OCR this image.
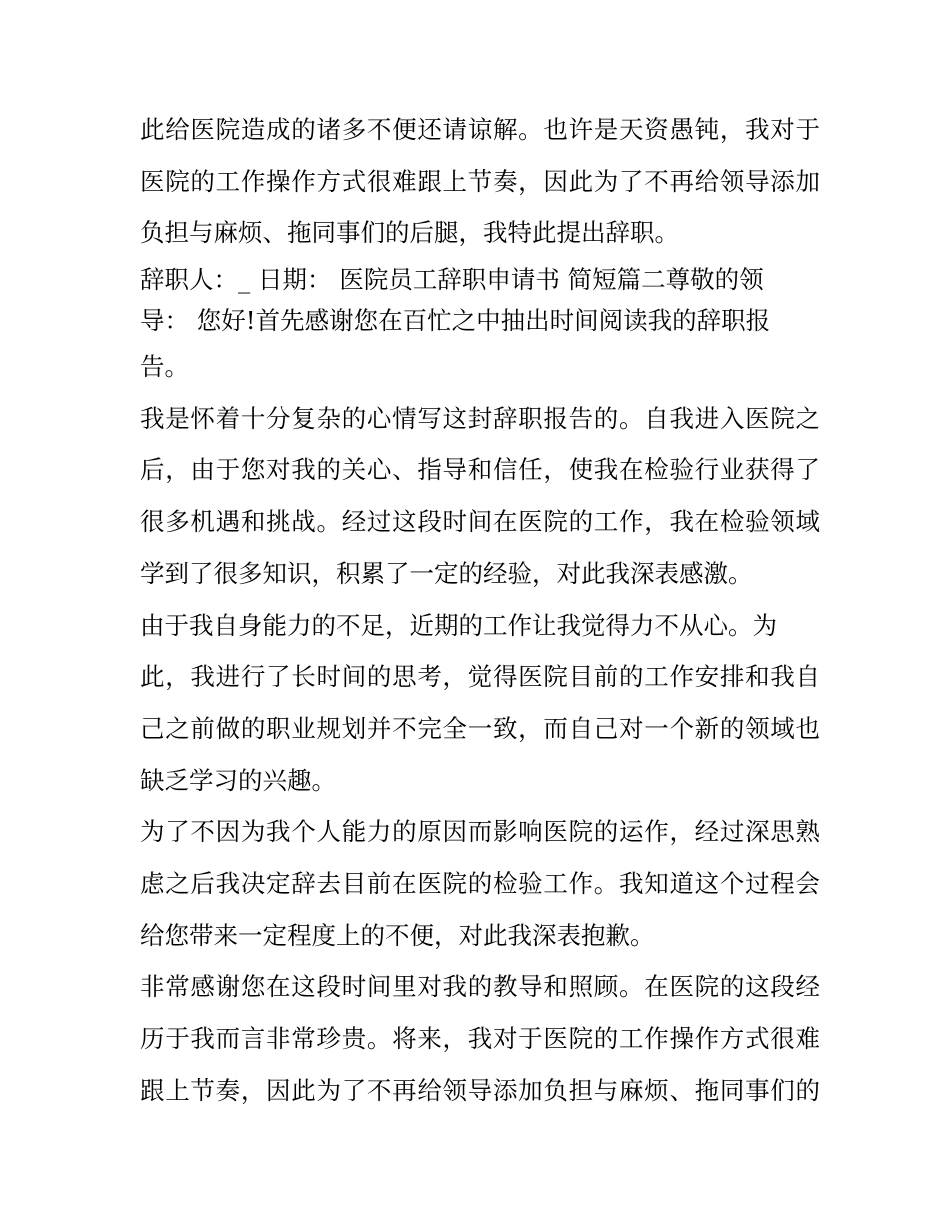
此给医院造成的诸多不便还请谅解。也许是天资愚钝，我对于
医院的工作操作方式很难跟上节奏，因此为了不再给领导添加
负担与麻烦、拖同事们的后腿，我特此提出辞职。
辞职人：_ 日期： 医院员工辞职申请书 简短篇二尊敬的领
导： 您好!首先感谢您在百忙之中抽出时间阅读我的辞职报
告。
我是怀着十分复杂的心情写这封辞职报告的。自我进入医院之
后，由于您对我的关心、指导和信任，使我在检验行业获得了
很多机遇和挑战。经过这段时间在医院的工作，我在检验领域
学到了很多知识，积累了一定的经验，对此我深表感激。
由于我自身能力的不足，近期的工作让我觉得力不从心。为
此，我进行了长时间的思考，觉得医院目前的工作安排和我自
己之前做的职业规划并不完全一致，而自己对一个新的领域也
缺乏学习的兴趣。
为了不因为我个人能力的原因而影响医院的运作，经过深思熟
虑之后我决定辞去目前在医院的检验工作。我知道这个过程会
给您带来一定程度上的不便，对此我深表抱歉。
非常感谢您在这段时间里对我的教导和照顾。在医院的这段经
历于我而言非常珍贵。将来，我对于医院的工作操作方式很难
跟上节奏，因此为了不再给领导添加负担与麻烦、拖同事们的
